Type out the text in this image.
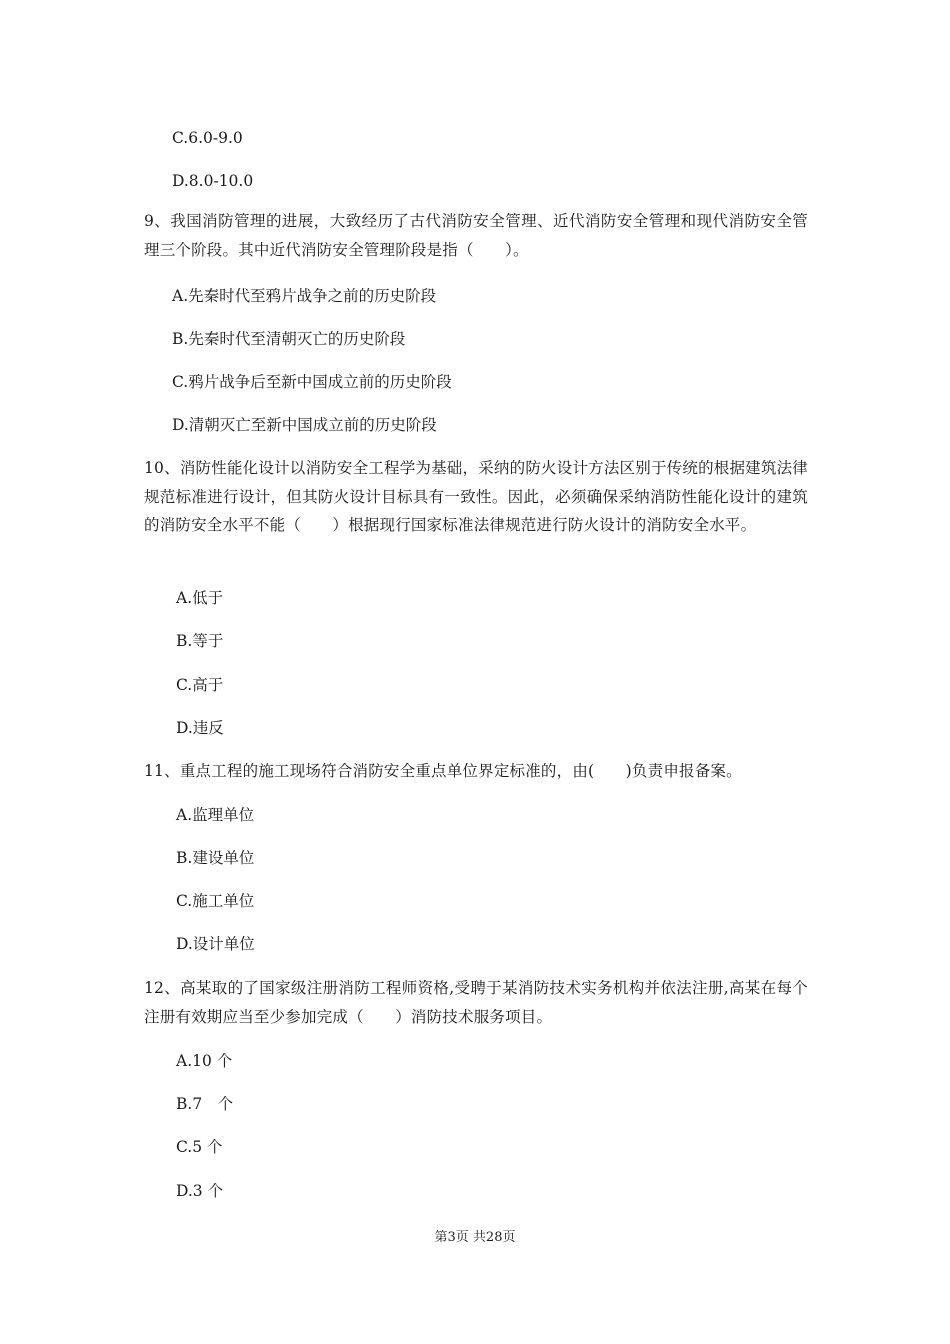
C.6.0-9.0
D.8.0-10.0
9、我国消防管理的进展，大致经历了古代消防安全管理、近代消防安全管理和现代消防安全管理三个阶段。其中近代消防安全管理阶段是指（　　）。
A.先秦时代至鸦片战争之前的历史阶段
B.先秦时代至清朝灭亡的历史阶段
C.鸦片战争后至新中国成立前的历史阶段
D.清朝灭亡至新中国成立前的历史阶段
10、消防性能化设计以消防安全工程学为基础，采纳的防火设计方法区别于传统的根据建筑法律规范标准进行设计，但其防火设计目标具有一致性。因此，必须确保采纳消防性能化设计的建筑的消防安全水平不能（　　）根据现行国家标准法律规范进行防火设计的消防安全水平。
A.低于
B.等于
C.高于
D.违反
11、重点工程的施工现场符合消防安全重点单位界定标准的，由(　　)负责申报备案。
A.监理单位
B.建设单位
C.施工单位
D.设计单位
12、高某取的了国家级注册消防工程师资格,受聘于某消防技术实务机构并依法注册,高某在每个注册有效期应当至少参加完成（　　）消防技术服务项目。
A.10 个
B.7　个
C.5 个
D.3 个
第3页 共28页
